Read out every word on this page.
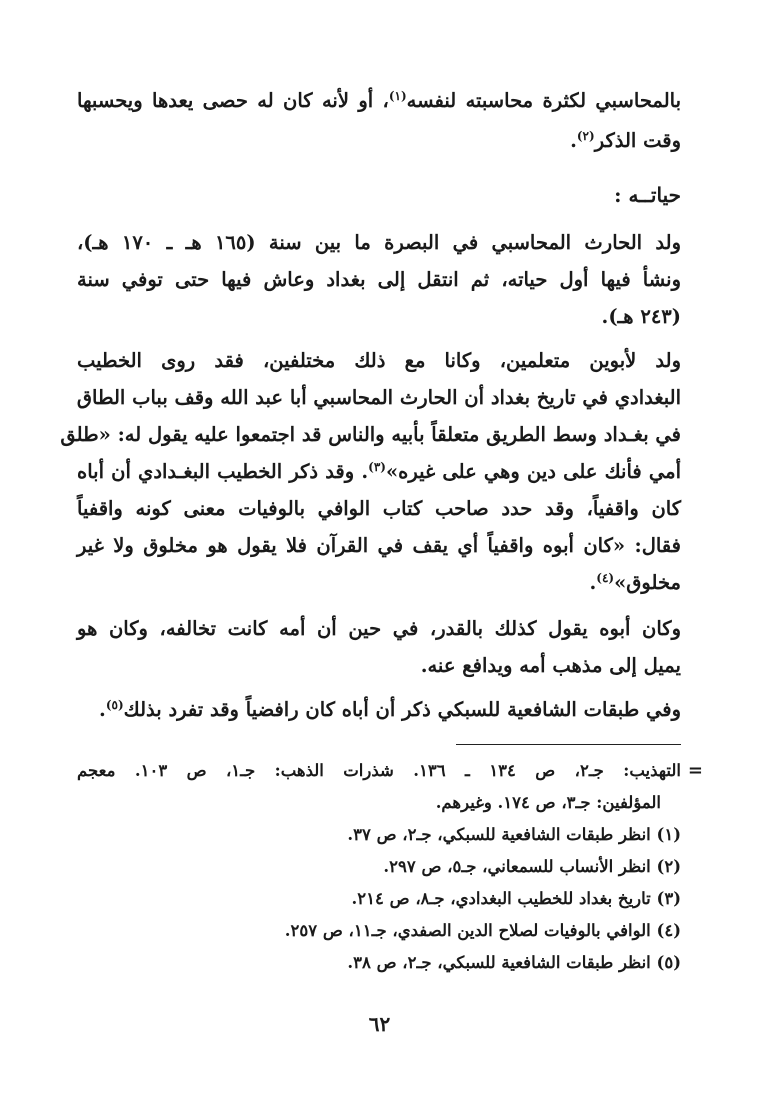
بالمحاسبي لكثرة محاسبته لنفسه$^{(١)}$، أو لأنه كان له حصى يعدها ويحسبها
وقت الذكر$^{(٢)}$.
حياتــه :
ولد الحارث المحاسبي في البصرة ما بين سنة (١٦٥ هـ ـ ١٧٠ هـ)،
ونشأ فيها أول حياته، ثم انتقل إلى بغداد وعاش فيها حتى توفي سنة
(٢٤٣ هـ).
ولد لأبوين متعلمين، وكانا مع ذلك مختلفين، فقد روى الخطيب
البغدادي في تاريخ بغداد أن الحارث المحاسبي أبا عبد الله وقف بباب الطاق
في بغـداد وسط الطريق متعلقاً بأبيه والناس قد اجتمعوا عليه يقول له: «طلق
أمي فأنك على دين وهي على غيره»$^{(٣)}$. وقد ذكر الخطيب البغـدادي أن أباه
كان واقفياً، وقد حدد صاحب كتاب الوافي بالوفيات معنى كونه واقفياً
فقال: «كان أبوه واقفياً أي يقف في القرآن فلا يقول هو مخلوق ولا غير
مخلوق»$^{(٤)}$.
وكان أبوه يقول كذلك بالقدر، في حين أن أمه كانت تخالفه، وكان هو
يميل إلى مذهب أمه ويدافع عنه.
وفي طبقات الشافعية للسبكي ذكر أن أباه كان رافضياً وقد تفرد بذلك$^{(٥)}$.
=
التهذيب: جـ٢، ص ١٣٤ ـ ١٣٦. شذرات الذهب: جـ١، ص ١٠٣. معجم
المؤلفين: جـ٣، ص ١٧٤. وغيرهم.
(١) انظر طبقات الشافعية للسبكي، جـ٢، ص ٣٧.
(٢) انظر الأنساب للسمعاني، جـ٥، ص ٢٩٧.
(٣) تاريخ بغداد للخطيب البغدادي، جـ٨، ص ٢١٤.
(٤) الوافي بالوفيات لصلاح الدين الصفدي، جـ١١، ص ٢٥٧.
(٥) انظر طبقات الشافعية للسبكي، جـ٢، ص ٣٨.
٦٢
